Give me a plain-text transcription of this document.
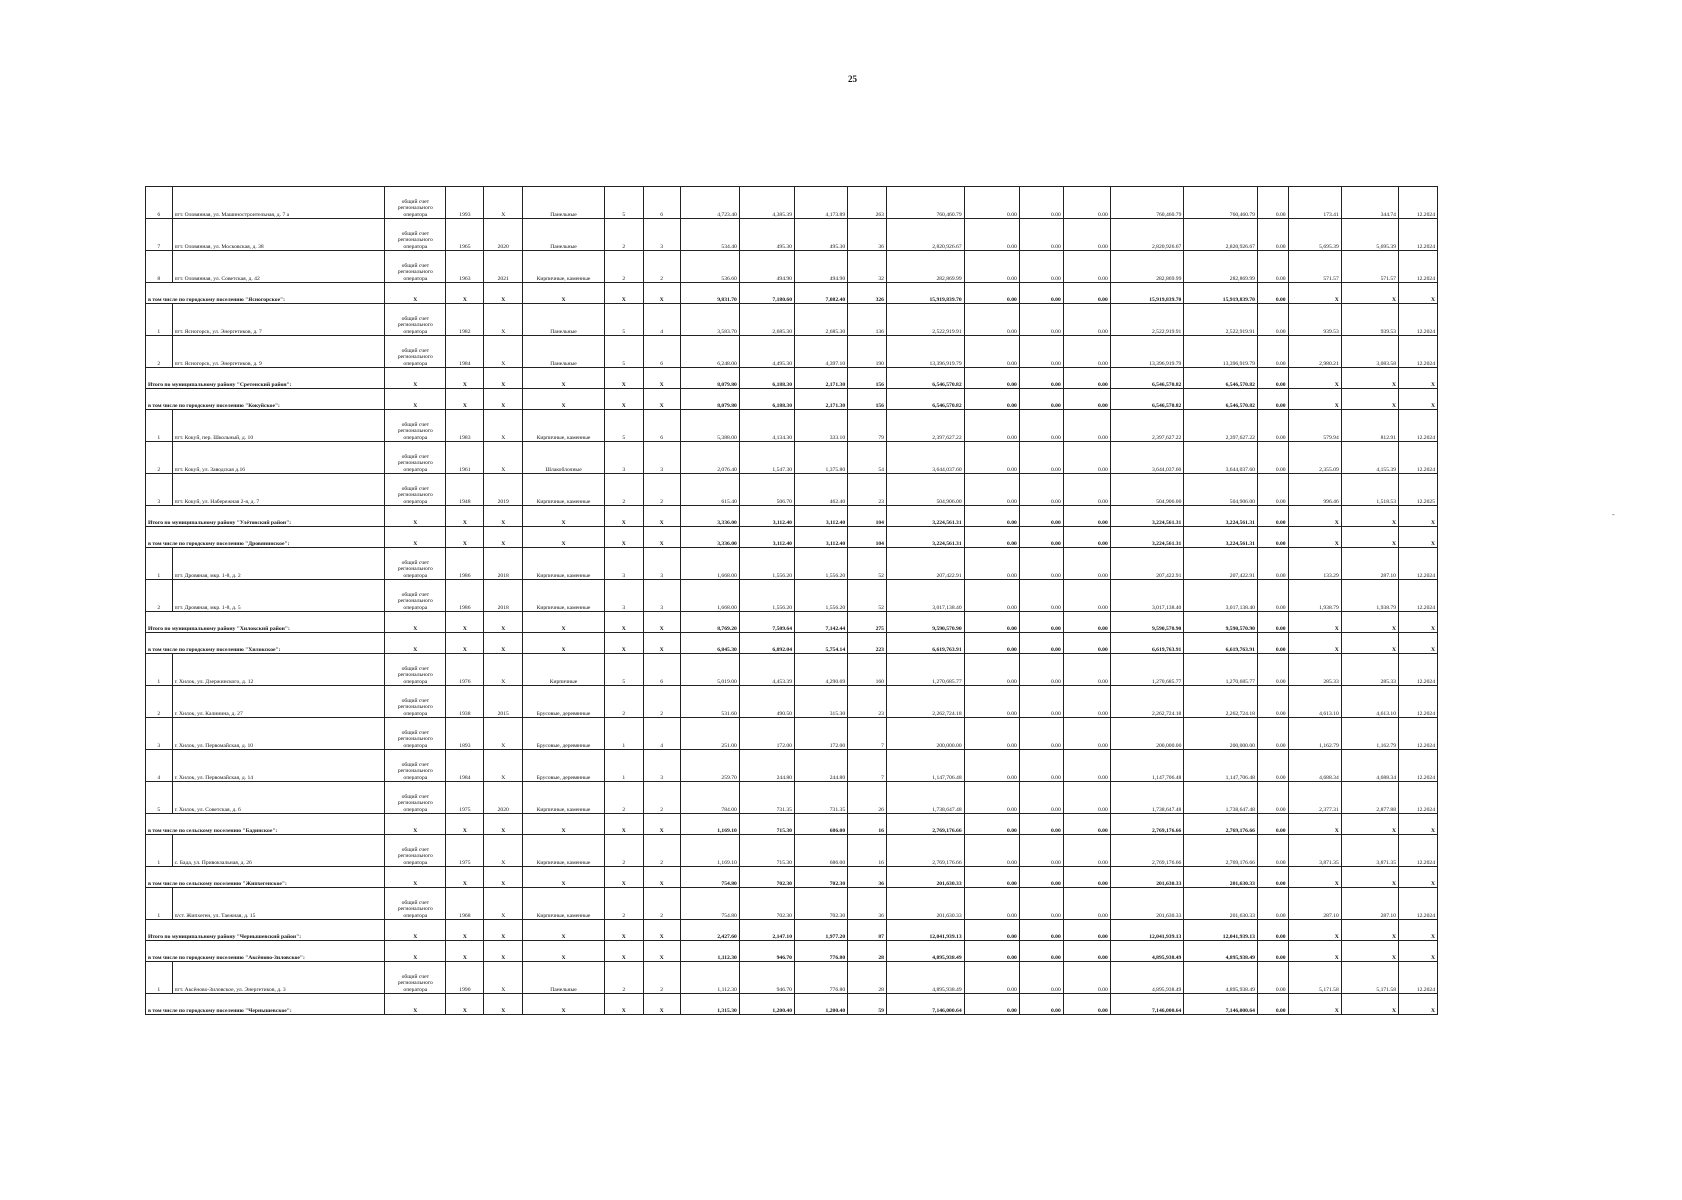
25
-
6	пгт. Оловянная, ул. Машиностроительная, д. 7 а	общий счет регионального оператора	1993	Х	Панельные	5	6	4,723.40	4,385.39	4,173.89	263	760,460.79	0.00	0.00	0.00	760,460.79	760,460.79	0.00	173.41	344.74	12.2024
7	пгт. Оловянная, ул. Московская, д. 38	общий счет регионального оператора	1965	2020	Панельные	2	3	534.40	495.30	495.30	36	2,820,926.67	0.00	0.00	0.00	2,820,926.67	2,820,926.67	0.00	5,695.39	5,695.39	12.2024
8	пгт. Оловянная, ул. Советская, д. 42	общий счет регионального оператора	1963	2021	Кирпичные, каменные	2	2	536.60	494.90	494.90	32	282,869.99	0.00	0.00	0.00	282,869.99	282,869.99	0.00	571.57	571.57	12.2024
в том числе по городскому поселению "Ясногорское":		Х	Х	Х	Х	Х	Х	9,831.70	7,180.60	7,082.40	326	15,919,839.70	0.00	0.00	0.00	15,919,839.70	15,919,839.70	0.00	Х	Х	Х
1	пгт. Ясногорск, ул. Энергетиков, д. 7	общий счет регионального оператора	1982	Х	Панельные	5	4	3,583.70	2,685.30	2,685.30	136	2,522,919.91	0.00	0.00	0.00	2,522,919.91	2,522,919.91	0.00	939.53	939.53	12.2024
2	пгт. Ясногорск, ул. Энергетиков, д. 9	общий счет регионального оператора	1984	Х	Панельные	5	6	6,248.00	4,495.30	4,397.10	190	13,396,919.79	0.00	0.00	0.00	13,396,919.79	13,396,919.79	0.00	2,980.21	3,083.58	12.2024
Итого по муниципальному району "Сретенский район":		Х	Х	Х	Х	Х	Х	8,079.80	6,188.30	2,171.30	156	6,546,570.82	0.00	0.00	0.00	6,546,570.82	6,546,570.82	0.00	Х	Х	Х
в том числе по городскому поселению "Кокуйское":		Х	Х	Х	Х	Х	Х	8,079.80	6,188.30	2,171.30	156	6,546,570.82	0.00	0.00	0.00	6,546,570.82	6,546,570.82	0.00	Х	Х	Х
1	пгт. Кокуй, пер. Школьный, д. 10	общий счет регионального оператора	1983	Х	Кирпичные, каменные	5	6	5,388.00	4,134.30	333.10	79	2,397,627.22	0.00	0.00	0.00	2,397,627.22	2,397,627.22	0.00	579.94	812.91	12.2024
2	пгт. Кокуй, ул. Заводская д.16	общий счет регионального оператора	1961	Х	Шлакоблочные	3	3	2,076.40	1,547.30	1,375.80	54	3,644,037.60	0.00	0.00	0.00	3,644,037.60	3,644,037.60	0.00	2,355.09	4,155.39	12.2024
3	пгт. Кокуй, ул. Набережная 2-я, д. 7	общий счет регионального оператора	1948	2019	Кирпичные, каменные	2	2	615.40	506.70	462.40	23	504,906.00	0.00	0.00	0.00	504,906.00	504,906.00	0.00	996.46	1,518.53	12.2025
Итого по муниципальному району "Улётовский район":		Х	Х	Х	Х	Х	Х	3,336.00	3,112.40	3,112.40	104	3,224,561.31	0.00	0.00	0.00	3,224,561.31	3,224,561.31	0.00	Х	Х	Х
в том числе по городскому поселению "Дровянинское":		Х	Х	Х	Х	Х	Х	3,336.00	3,112.40	3,112.40	104	3,224,561.31	0.00	0.00	0.00	3,224,561.31	3,224,561.31	0.00	Х	Х	Х
1	пгт. Дровяная, мкр. 1-8, д. 2	общий счет регионального оператора	1986	2018	Кирпичные, каменные	3	3	1,668.00	1,556.20	1,556.20	52	207,422.91	0.00	0.00	0.00	207,422.91	207,422.91	0.00	133.29	287.10	12.2024
2	пгт. Дровяная, мкр. 1-8, д. 5	общий счет регионального оператора	1986	2018	Кирпичные, каменные	3	3	1,668.00	1,556.20	1,556.20	52	3,017,138.40	0.00	0.00	0.00	3,017,138.40	3,017,138.40	0.00	1,938.79	1,938.79	12.2024
Итого по муниципальному району "Хилокский район":		Х	Х	Х	Х	Х	Х	8,769.20	7,509.64	7,142.44	275	9,590,570.90	0.00	0.00	0.00	9,590,570.90	9,590,570.90	0.00	Х	Х	Х
в том числе по городскому поселению "Хилокское":		Х	Х	Х	Х	Х	Х	6,845.30	6,092.04	5,754.14	223	6,619,763.91	0.00	0.00	0.00	6,619,763.91	6,619,763.91	0.00	Х	Х	Х
1	г. Хилок, ул. Дзержинского, д. 12	общий счет регионального оператора	1976	Х	Кирпичные	5	6	5,019.00	4,453.39	4,290.69	160	1,270,685.77	0.00	0.00	0.00	1,270,685.77	1,270,685.77	0.00	285.33	285.33	12.2024
2	г. Хилок, ул. Калинина, д. 27	общий счет регионального оператора	1938	2015	Брусовые, деревянные	2	2	531.60	490.50	315.30	23	2,262,724.18	0.00	0.00	0.00	2,262,724.18	2,262,724.18	0.00	4,613.10	4,613.10	12.2024
3	г. Хилок, ул. Первомайская, д. 10	общий счет регионального оператора	1893	Х	Брусовые, деревянные	1	4	251.00	172.00	172.00	7	200,000.00	0.00	0.00	0.00	200,000.00	200,000.00	0.00	1,162.79	1,162.79	12.2024
4	г. Хилок, ул. Первомайская, д. 14	общий счет регионального оператора	1984	Х	Брусовые, деревянные	1	3	259.70	244.80	244.80	7	1,147,706.48	0.00	0.00	0.00	1,147,706.48	1,147,706.48	0.00	4,688.34	4,688.34	12.2024
5	г. Хилок, ул. Советская, д. 6	общий счет регионального оператора	1975	2020	Кирпичные, каменные	2	2	784.00	731.35	731.35	26	1,738,647.48	0.00	0.00	0.00	1,738,647.48	1,738,647.48	0.00	2,377.31	2,877.88	12.2024
в том числе по сельскому поселению "Бадинское":		Х	Х	Х	Х	Х	Х	1,169.10	715.30	686.00	16	2,769,176.66	0.00	0.00	0.00	2,769,176.66	2,769,176.66	0.00	Х	Х	Х
1	с. Бада, ул. Привокзальная, д. 26	общий счет регионального оператора	1975	Х	Кирпичные, каменные	2	2	1,169.10	715.30	686.00	16	2,769,176.66	0.00	0.00	0.00	2,769,176.66	2,769,176.66	0.00	3,871.35	3,871.35	12.2024
в том числе по сельскому поселению "Жипхегенское":		Х	Х	Х	Х	Х	Х	754.80	702.30	702.30	36	201,630.33	0.00	0.00	0.00	201,630.33	201,630.33	0.00	Х	Х	Х
1	п/ст. Жипхеген, ул. Таежная, д. 15	общий счет регионального оператора	1968	Х	Кирпичные, каменные	2	2	754.80	702.30	702.30	36	201,630.33	0.00	0.00	0.00	201,630.33	201,630.33	0.00	287.10	287.10	12.2024
Итого по муниципальному району "Чернышевский район":		Х	Х	Х	Х	Х	Х	2,427.60	2,147.10	1,977.20	87	12,041,939.13	0.00	0.00	0.00	12,041,939.13	12,041,939.13	0.00	Х	Х	Х
в том числе по городскому поселению "Аксёново-Зиловское":		Х	Х	Х	Х	Х	Х	1,112.30	946.70	776.80	28	4,895,938.49	0.00	0.00	0.00	4,895,938.49	4,895,938.49	0.00	Х	Х	Х
1	пгт. Аксёново-Зиловское, ул. Энергетиков, д. 3	общий счет регионального оператора	1990	Х	Панельные	2	2	1,112.30	946.70	776.80	28	4,895,938.49	0.00	0.00	0.00	4,895,938.49	4,895,938.49	0.00	5,171.58	5,171.58	12.2024
в том числе по городскому поселению "Чернышевское":		Х	Х	Х	Х	Х	Х	1,315.30	1,200.40	1,200.40	59	7,146,000.64	0.00	0.00	0.00	7,146,000.64	7,146,000.64	0.00	Х	Х	Х
